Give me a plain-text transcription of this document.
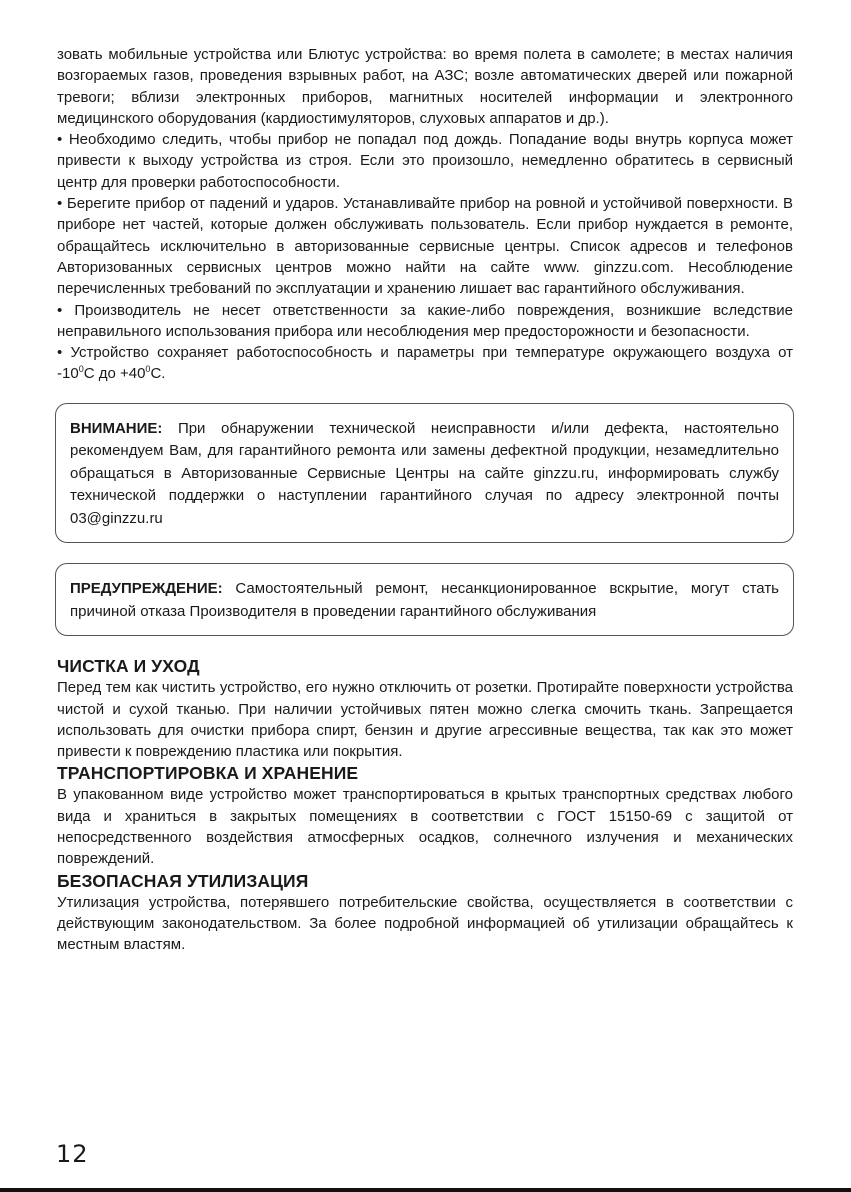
зовать мобильные устройства или Блютус устройства: во время полета в самолете; в местах наличия возгораемых газов, проведения взрывных работ, на АЗС; возле автоматических дверей или пожарной тревоги; вблизи электронных приборов, магнитных носителей информации и электронного медицинского оборудования (кардиостимуляторов, слуховых аппаратов и др.).

• Необходимо следить, чтобы прибор не попадал под дождь. Попадание воды внутрь корпуса может привести к выходу устройства из строя. Если это произошло, немедленно обратитесь в сервисный центр для проверки работоспособности.

• Берегите прибор от падений и ударов. Устанавливайте прибор на ровной и устойчивой поверхности. В приборе нет частей, которые должен обслуживать пользователь. Если прибор нуждается в ремонте, обращайтесь исключительно в авторизованные сервисные центры. Список адресов и телефонов Авторизованных сервисных центров можно найти на сайте www. ginzzu.com. Несоблюдение перечисленных требований по эксплуатации и хранению лишает вас гарантийного обслуживания.

• Производитель не несет ответственности за какие-либо повреждения, возникшие вследствие неправильного использования прибора или несоблюдения мер предосторожности и безопасности.

• Устройство сохраняет работоспособность и параметры при температуре окружающего воздуха от $-10^0С$ до $+40^0С$.

ВНИМАНИЕ: При обнаружении технической неисправности и/или дефекта, настоятельно рекомендуем Вам, для гарантийного ремонта или замены дефектной продукции, незамедлительно обращаться в Авторизованные Сервисные Центры на сайте ginzzu.ru, информировать службу технической поддержки о наступлении гарантийного случая по адресу электронной почты 03@ginzzu.ru

ПРЕДУПРЕЖДЕНИЕ: Самостоятельный ремонт, несанкционированное вскрытие, могут стать причиной отказа Производителя в проведении гарантийного обслуживания

ЧИСТКА И УХОД

Перед тем как чистить устройство, его нужно отключить от розетки. Протирайте поверхности устройства чистой и сухой тканью. При наличии устойчивых пятен можно слегка смочить ткань. Запрещается использовать для очистки прибора спирт, бензин и другие агрессивные вещества, так как это может привести к повреждению пластика или покрытия.

ТРАНСПОРТИРОВКА И ХРАНЕНИЕ

В упакованном виде устройство может транспортироваться в крытых транспортных средствах любого вида и храниться в закрытых помещениях в соответствии с ГОСТ 15150-69 с защитой от непосредственного воздействия атмосферных осадков, солнечного излучения и механических повреждений.

БЕЗОПАСНАЯ УТИЛИЗАЦИЯ

Утилизация устройства, потерявшего потребительские свойства, осуществляется в соответствии с действующим законодательством. За более подробной информацией об утилизации обращайтесь к местным властям.

12
